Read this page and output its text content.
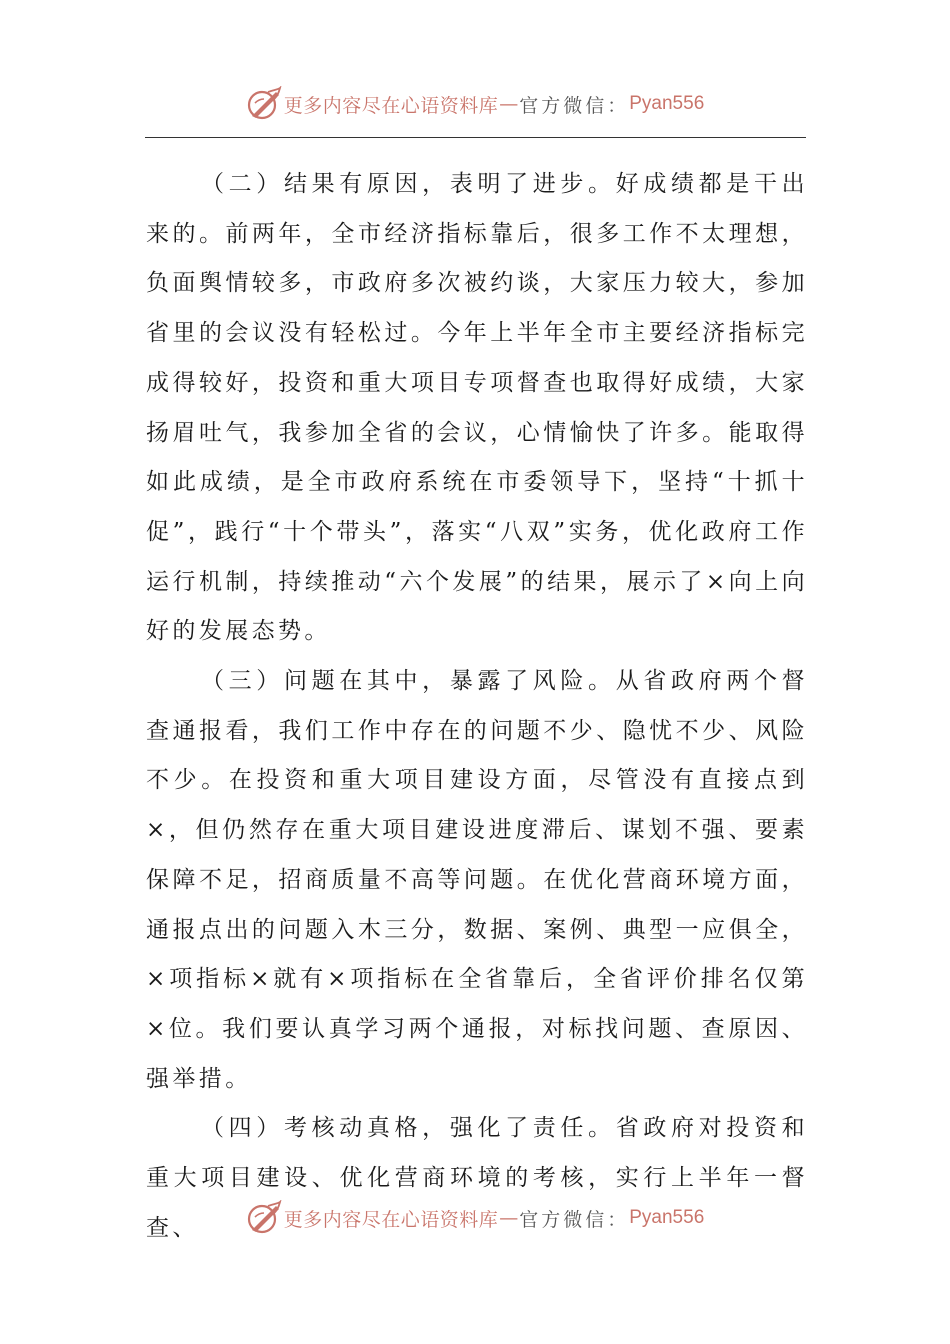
更多内容尽在心语资料库 — 官方微信： Pyan556

（二）结果有原因，表明了进步。好成绩都是干出来的。前两年，全市经济指标靠后，很多工作不太理想，负面舆情较多，市政府多次被约谈，大家压力较大，参加省里的会议没有轻松过。今年上半年全市主要经济指标完成得较好，投资和重大项目专项督查也取得好成绩，大家扬眉吐气，我参加全省的会议，心情愉快了许多。能取得如此成绩，是全市政府系统在市委领导下，坚持“十抓十促”，践行“十个带头”，落实“八双”实务，优化政府工作运行机制，持续推动“六个发展”的结果，展示了×向上向好的发展态势。

（三）问题在其中，暴露了风险。从省政府两个督查通报看，我们工作中存在的问题不少、隐忧不少、风险不少。在投资和重大项目建设方面，尽管没有直接点到×，但仍然存在重大项目建设进度滞后、谋划不强、要素保障不足，招商质量不高等问题。在优化营商环境方面，通报点出的问题入木三分，数据、案例、典型一应俱全，×项指标×就有×项指标在全省靠后，全省评价排名仅第×位。我们要认真学习两个通报，对标找问题、查原因、强举措。

（四）考核动真格，强化了责任。省政府对投资和重大项目建设、优化营商环境的考核，实行上半年一督查、	更多内容尽在心语资料库 — 官方微信： Pyan556
